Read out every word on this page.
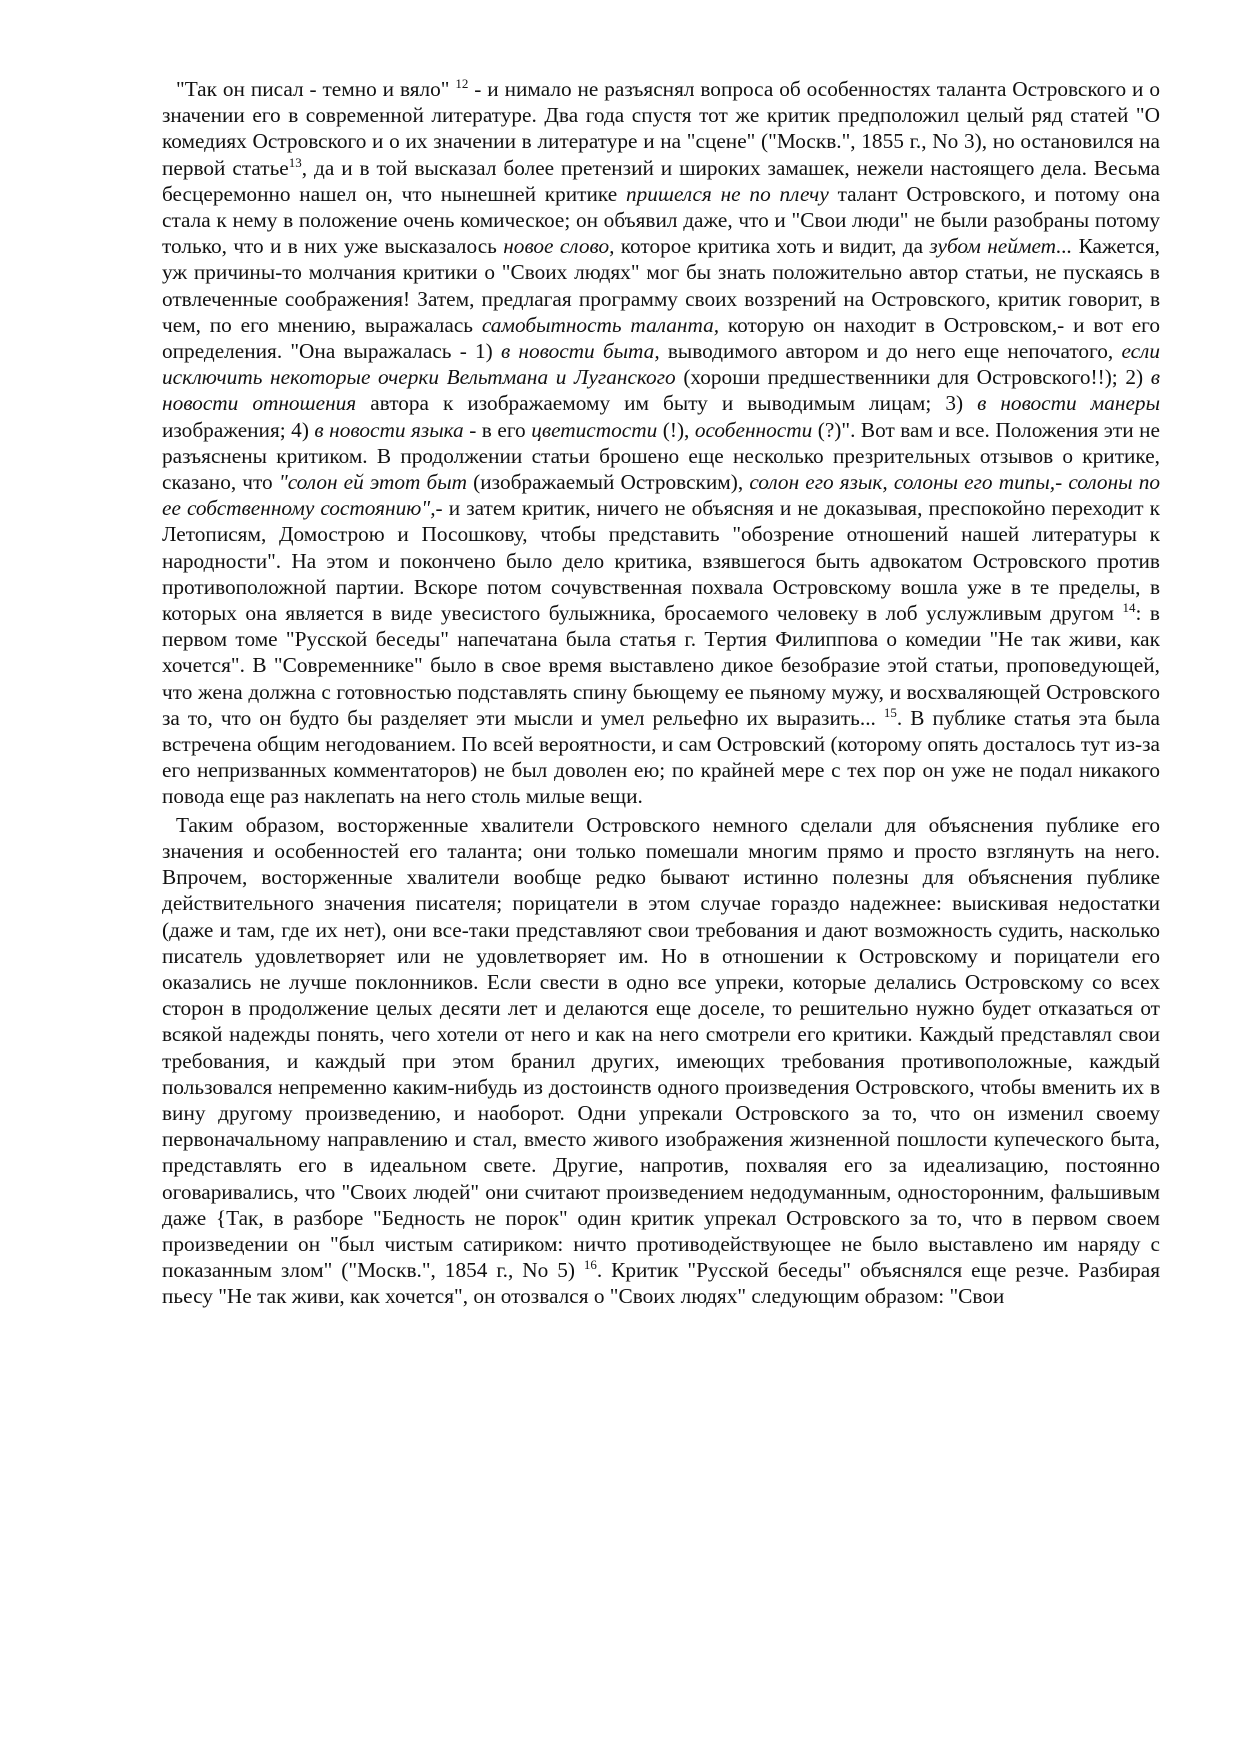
"Так он писал - темно и вяло" $^{12}$ - и нимало не разъяснял вопроса об особенностях таланта Островского и о значении его в современной литературе. Два года спустя тот же критик предположил целый ряд статей "О комедиях Островского и о их значении в литературе и на "сцене" ("Москв.", 1855 г., No 3), но остановился на первой статье$^{13}$, да и в той высказал более претензий и широких замашек, нежели настоящего дела. Весьма бесцеремонно нашел он, что нынешней критике пришелся не по плечу талант Островского, и потому она стала к нему в положение очень комическое; он объявил даже, что и "Свои люди" не были разобраны потому только, что и в них уже высказалось новое слово, которое критика хоть и видит, да зубом неймет... Кажется, уж причины-то молчания критики о "Своих людях" мог бы знать положительно автор статьи, не пускаясь в отвлеченные соображения! Затем, предлагая программу своих воззрений на Островского, критик говорит, в чем, по его мнению, выражалась самобытность таланта, которую он находит в Островском,- и вот его определения. "Она выражалась - 1) в новости быта, выводимого автором и до него еще непочатого, если исключить некоторые очерки Вельтмана и Луганского (хороши предшественники для Островского!!); 2) в новости отношения автора к изображаемому им быту и выводимым лицам; 3) в новости манеры изображения; 4) в новости языка - в его цветистости (!), особенности (?)". Вот вам и все. Положения эти не разъяснены критиком. В продолжении статьи брошено еще несколько презрительных отзывов о критике, сказано, что "солон ей этот быт (изображаемый Островским), солон его язык, солоны его типы,- солоны по ее собственному состоянию",- и затем критик, ничего не объясняя и не доказывая, преспокойно переходит к Летописям, Домострою и Посошкову, чтобы представить "обозрение отношений нашей литературы к народности". На этом и покончено было дело критика, взявшегося быть адвокатом Островского против противоположной партии. Вскоре потом сочувственная похвала Островскому вошла уже в те пределы, в которых она является в виде увесистого булыжника, бросаемого человеку в лоб услужливым другом $^{14}$: в первом томе "Русской беседы" напечатана была статья г. Тертия Филиппова о комедии "Не так живи, как хочется". В "Современнике" было в свое время выставлено дикое безобразие этой статьи, проповедующей, что жена должна с готовностью подставлять спину бьющему ее пьяному мужу, и восхваляющей Островского за то, что он будто бы разделяет эти мысли и умел рельефно их выразить... $^{15}$. В публике статья эта была встречена общим негодованием. По всей вероятности, и сам Островский (которому опять досталось тут из-за его непризванных комментаторов) не был доволен ею; по крайней мере с тех пор он уже не подал никакого повода еще раз наклепать на него столь милые вещи.

Таким образом, восторженные хвалители Островского немного сделали для объяснения публике его значения и особенностей его таланта; они только помешали многим прямо и просто взглянуть на него. Впрочем, восторженные хвалители вообще редко бывают истинно полезны для объяснения публике действительного значения писателя; порицатели в этом случае гораздо надежнее: выискивая недостатки (даже и там, где их нет), они все-таки представляют свои требования и дают возможность судить, насколько писатель удовлетворяет или не удовлетворяет им. Но в отношении к Островскому и порицатели его оказались не лучше поклонников. Если свести в одно все упреки, которые делались Островскому со всех сторон в продолжение целых десяти лет и делаются еще доселе, то решительно нужно будет отказаться от всякой надежды понять, чего хотели от него и как на него смотрели его критики. Каждый представлял свои требования, и каждый при этом бранил других, имеющих требования противоположные, каждый пользовался непременно каким-нибудь из достоинств одного произведения Островского, чтобы вменить их в вину другому произведению, и наоборот. Одни упрекали Островского за то, что он изменил своему первоначальному направлению и стал, вместо живого изображения жизненной пошлости купеческого быта, представлять его в идеальном свете. Другие, напротив, похваляя его за идеализацию, постоянно оговаривались, что "Своих людей" они считают произведением недодуманным, односторонним, фальшивым даже {Так, в разборе "Бедность не порок" один критик упрекал Островского за то, что в первом своем произведении он "был чистым сатириком: ничто противодействующее не было выставлено им наряду с показанным злом" ("Москв.", 1854 г., No 5) $^{16}$. Критик "Русской беседы" объяснялся еще резче. Разбирая пьесу "Не так живи, как хочется", он отозвался о "Своих людях" следующим образом: "Свои
